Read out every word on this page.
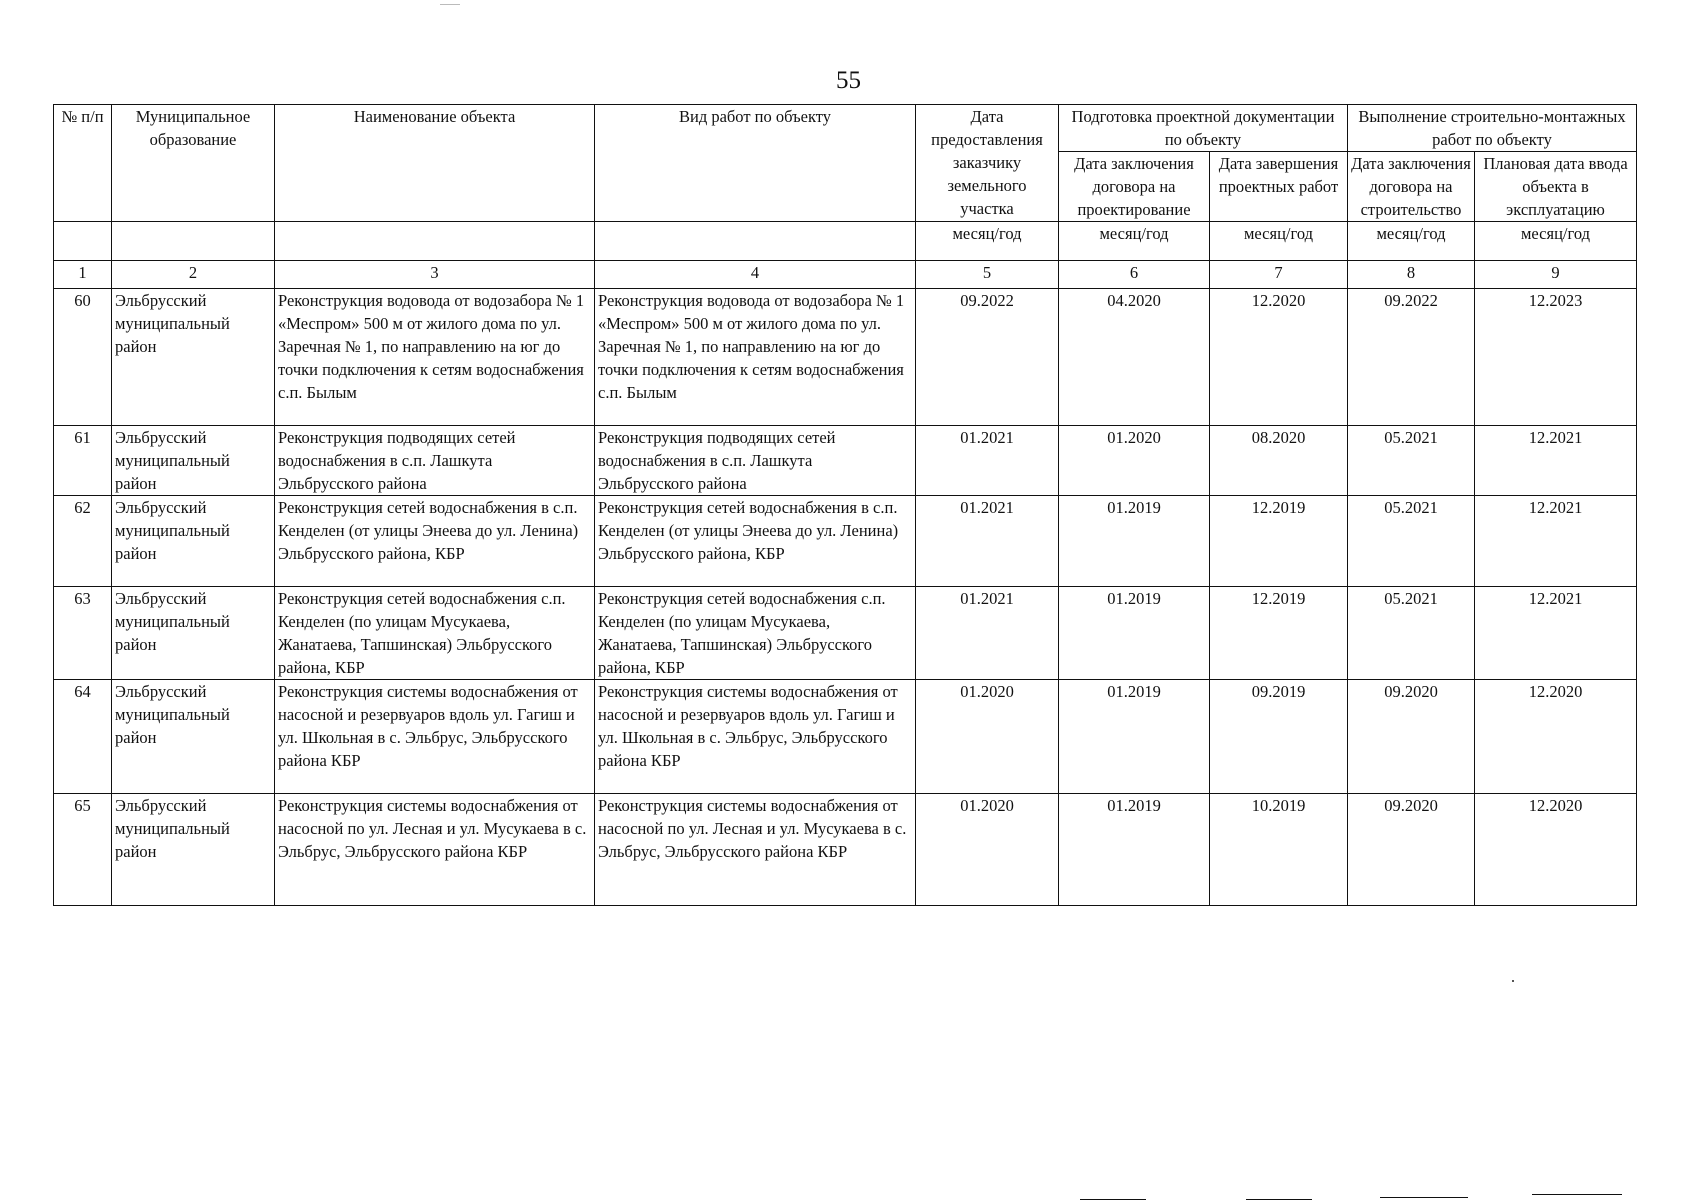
55
№ п/п	Муниципальное образование	Наименование объекта	Вид работ по объекту	Дата предоставления заказчику земельного участка	Подготовка проектной документации по объекту		Выполнение строительно-монтажных работ по объекту	
					Дата заключения договора на проектирование	Дата завершения проектных работ	Дата заключения договора на строительство	Плановая дата ввода объекта в эксплуатацию
				месяц/год	месяц/год	месяц/год	месяц/год	месяц/год
1	2	3	4	5	6	7	8	9
60	Эльбрусский муниципальный район	Реконструкция водовода от водозабора № 1 «Меспром» 500 м от жилого дома по ул. Заречная № 1, по направлению на юг до точки подключения к сетям водоснабжения с.п. Былым	Реконструкция водовода от водозабора № 1 «Меспром» 500 м от жилого дома по ул. Заречная № 1, по направлению на юг до точки подключения к сетям водоснабжения с.п. Былым	09.2022	04.2020	12.2020	09.2022	12.2023
61	Эльбрусский муниципальный район	Реконструкция подводящих сетей водоснабжения в с.п. Лашкута Эльбрусского района	Реконструкция подводящих сетей водоснабжения в с.п. Лашкута Эльбрусского района	01.2021	01.2020	08.2020	05.2021	12.2021
62	Эльбрусский муниципальный район	Реконструкция сетей водоснабжения в с.п. Кенделен (от улицы Энеева до ул. Ленина) Эльбрусского района, КБР	Реконструкция сетей водоснабжения в с.п. Кенделен (от улицы Энеева до ул. Ленина) Эльбрусского района, КБР	01.2021	01.2019	12.2019	05.2021	12.2021
63	Эльбрусский муниципальный район	Реконструкция сетей водоснабжения с.п. Кенделен (по улицам Мусукаева, Жанатаева, Тапшинская) Эльбрусского района, КБР	Реконструкция сетей водоснабжения с.п. Кенделен (по улицам Мусукаева, Жанатаева, Тапшинская) Эльбрусского района, КБР	01.2021	01.2019	12.2019	05.2021	12.2021
64	Эльбрусский муниципальный район	Реконструкция системы водоснабжения от насосной и резервуаров вдоль ул. Гагиш и ул. Школьная в с. Эльбрус, Эльбрусского района КБР	Реконструкция системы водоснабжения от насосной и резервуаров вдоль ул. Гагиш и ул. Школьная в с. Эльбрус, Эльбрусского района КБР	01.2020	01.2019	09.2019	09.2020	12.2020
65	Эльбрусский муниципальный район	Реконструкция системы водоснабжения от насосной по ул. Лесная и ул. Мусукаева в с. Эльбрус, Эльбрусского района КБР	Реконструкция системы водоснабжения от насосной по ул. Лесная и ул. Мусукаева в с. Эльбрус, Эльбрусского района КБР	01.2020	01.2019	10.2019	09.2020	12.2020
